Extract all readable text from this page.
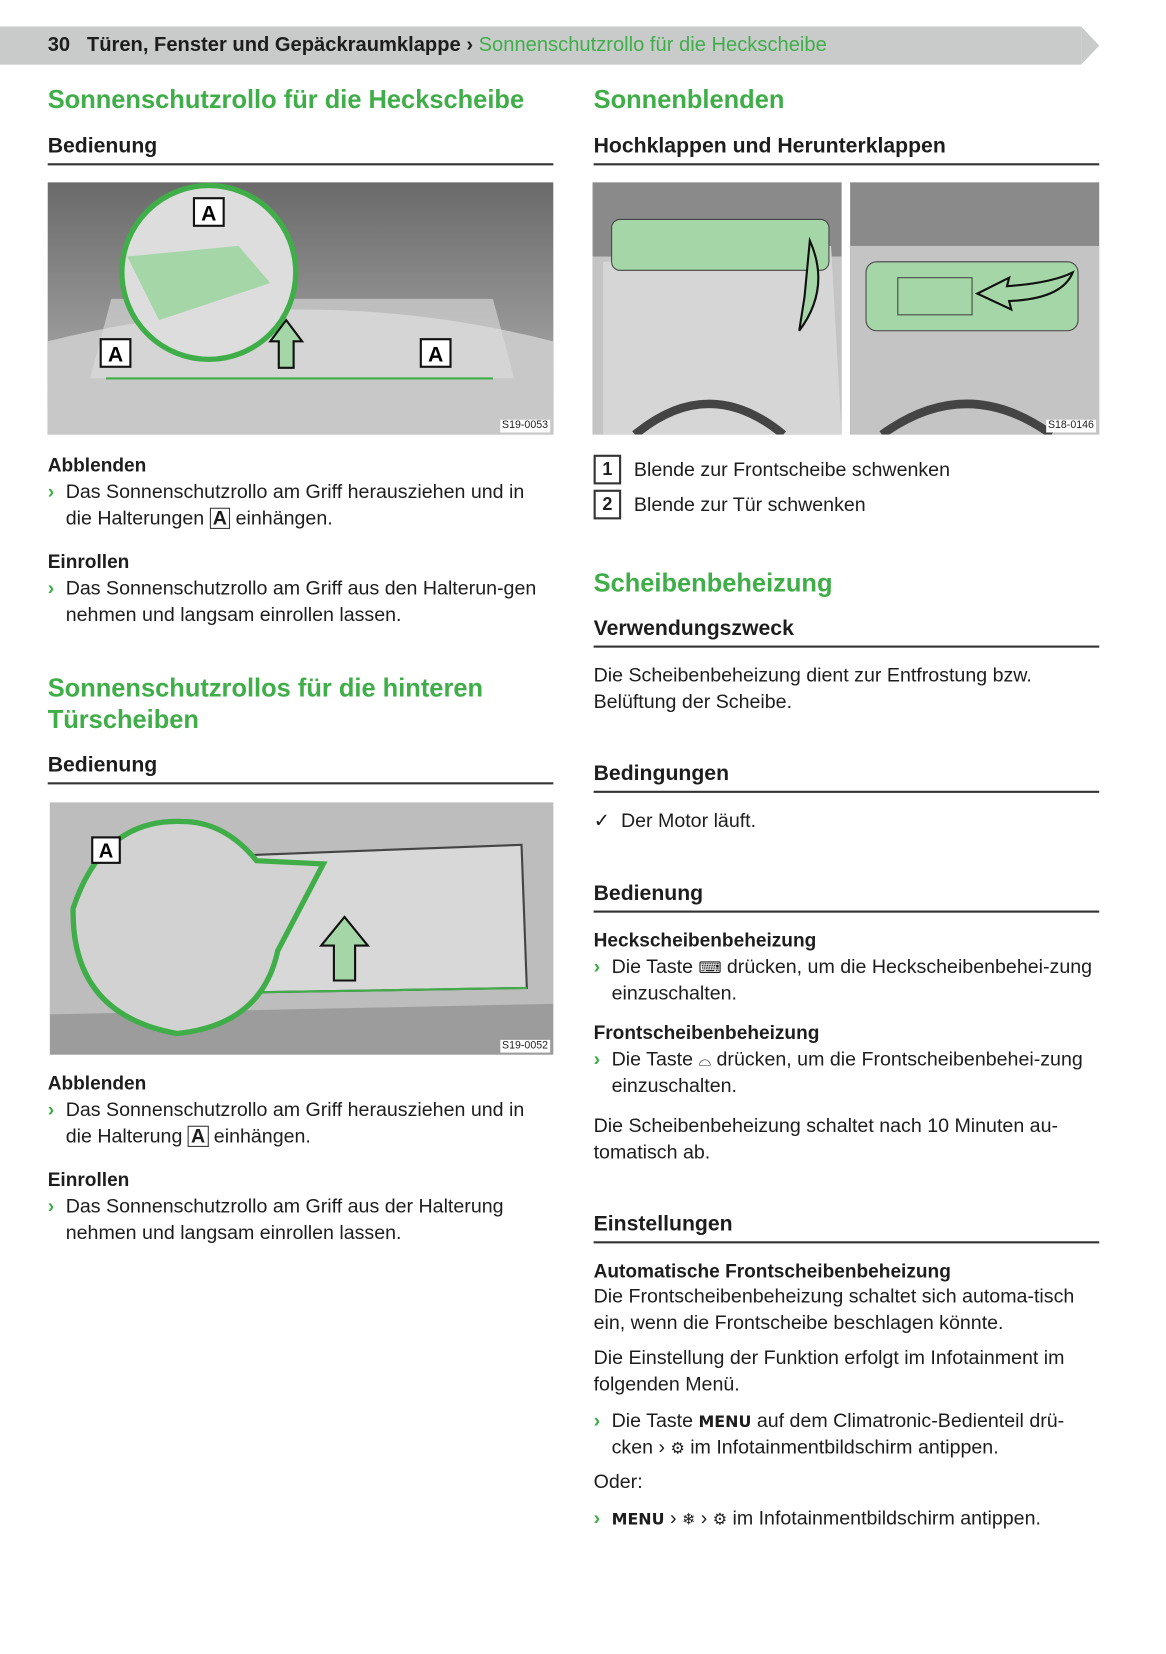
30 Türen, Fenster und Gepäckraumklappe › Sonnenschutzrollo für die Heckscheibe
Sonnenschutzrollo für die Heckscheibe
Bedienung
A
A	A
S19-0053
Abblenden
› Das Sonnenschutzrollo am Griff herausziehen und in die Halterungen A einhängen.
Einrollen
› Das Sonnenschutzrollo am Griff aus den Halterun-gen nehmen und langsam einrollen lassen.
Sonnenschutzrollos für die hinteren Türscheiben
Bedienung
A
S19-0052
Abblenden
› Das Sonnenschutzrollo am Griff herausziehen und in die Halterung A einhängen.
Einrollen
› Das Sonnenschutzrollo am Griff aus der Halterung nehmen und langsam einrollen lassen.
Sonnenblenden
Hochklappen und Herunterklappen
S18-0146
1	Blende zur Frontscheibe schwenken
2	Blende zur Tür schwenken
Scheibenbeheizung
Verwendungszweck
Die Scheibenbeheizung dient zur Entfrostung bzw. Belüftung der Scheibe.
Bedingungen
✓ Der Motor läuft.
Bedienung
Heckscheibenbeheizung
› Die Taste ⌨ drücken, um die Heckscheibenbehei-zung einzuschalten.
Frontscheibenbeheizung
› Die Taste ⌓ drücken, um die Frontscheibenbehei-zung einzuschalten.
Die Scheibenbeheizung schaltet nach 10 Minuten au-tomatisch ab.
Einstellungen
Automatische Frontscheibenbeheizung
Die Frontscheibenbeheizung schaltet sich automa-tisch ein, wenn die Frontscheibe beschlagen könnte.
Die Einstellung der Funktion erfolgt im Infotainment im folgenden Menü.
› Die Taste MENU auf dem Climatronic-Bedienteil drü-cken › ⚙ im Infotainmentbildschirm antippen.
Oder:
› MENU › ❄ › ⚙ im Infotainmentbildschirm antippen.
